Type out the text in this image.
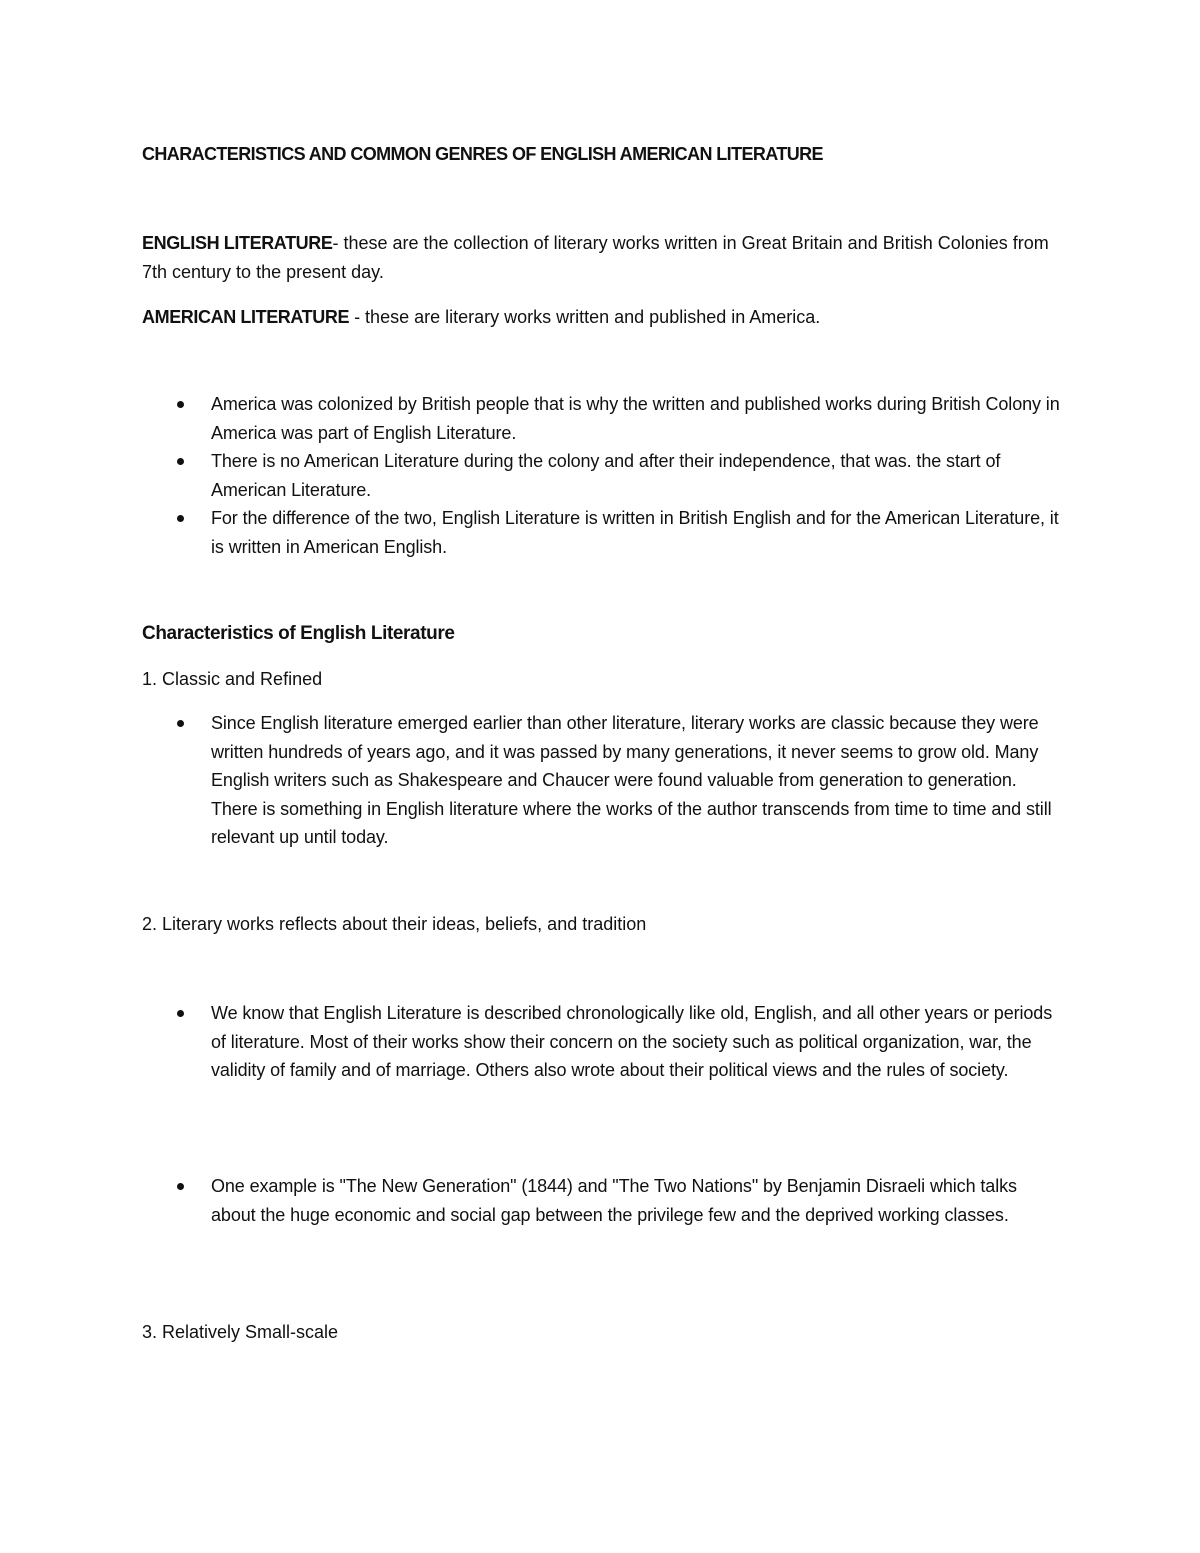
CHARACTERISTICS AND COMMON GENRES OF ENGLISH AMERICAN LITERATURE

ENGLISH LITERATURE- these are the collection of literary works written in Great Britain and British Colonies from 7th century to the present day.

AMERICAN LITERATURE - these are literary works written and published in America.

America was colonized by British people that is why the written and published works during British Colony in America was part of English Literature.
There is no American Literature during the colony and after their independence, that was. the start of American Literature.
For the difference of the two, English Literature is written in British English and for the American Literature, it is written in American English.
Characteristics of English Literature

1. Classic and Refined

Since English literature emerged earlier than other literature, literary works are classic because they were written hundreds of years ago, and it was passed by many generations, it never seems to grow old. Many English writers such as Shakespeare and Chaucer were found valuable from generation to generation. There is something in English literature where the works of the author transcends from time to time and still relevant up until today.

2. Literary works reflects about their ideas, beliefs, and tradition

We know that English Literature is described chronologically like old, English, and all other years or periods of literature. Most of their works show their concern on the society such as political organization, war, the validity of family and of marriage. Others also wrote about their political views and the rules of society.
One example is "The New Generation" (1844) and "The Two Nations" by Benjamin Disraeli which talks about the huge economic and social gap between the privilege few and the deprived working classes.

3. Relatively Small-scale
